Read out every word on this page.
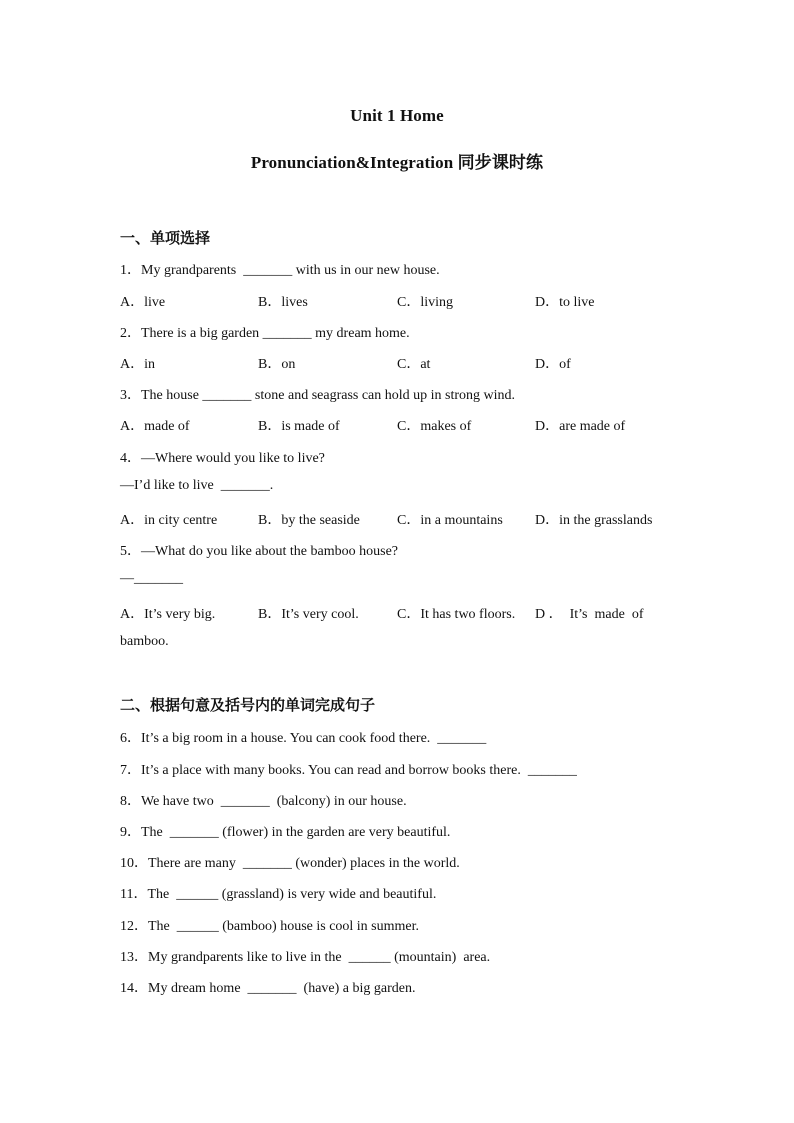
Unit 1 Home
Pronunciation&Integration 同步课时练
一、单项选择
1．My grandparents  _______ with us in our new house.
A．live	B．lives	C．living	D．to live
2．There is a big garden _______ my dream home.
A．in	B．on	C．at	D．of
3．The house _______ stone and seagrass can hold up in strong wind.
A．made of	B．is made of	C．makes of	D．are made of
4．—Where would you like to live?
—I’d like to live  _______.
A．in city centre	B．by the seaside	C．in a mountains D．in the grasslands
5．—What do you like about the bamboo house?
—_______
A．It’s very big.	B．It’s very cool.	C．It has two floors. D ．  It’s  made  of
bamboo.
二、根据句意及括号内的单词完成句子
6．It’s a big room in a house. You can cook food there.  _______
7．It’s a place with many books. You can read and borrow books there.  _______
8．We have two  _______  (balcony) in our house.
9．The  _______ (flower) in the garden are very beautiful.
10．There are many  _______ (wonder) places in the world.
11．The  ______ (grassland) is very wide and beautiful.
12．The  ______ (bamboo) house is cool in summer.
13．My grandparents like to live in the  ______ (mountain)  area.
14．My dream home  _______  (have) a big garden.
